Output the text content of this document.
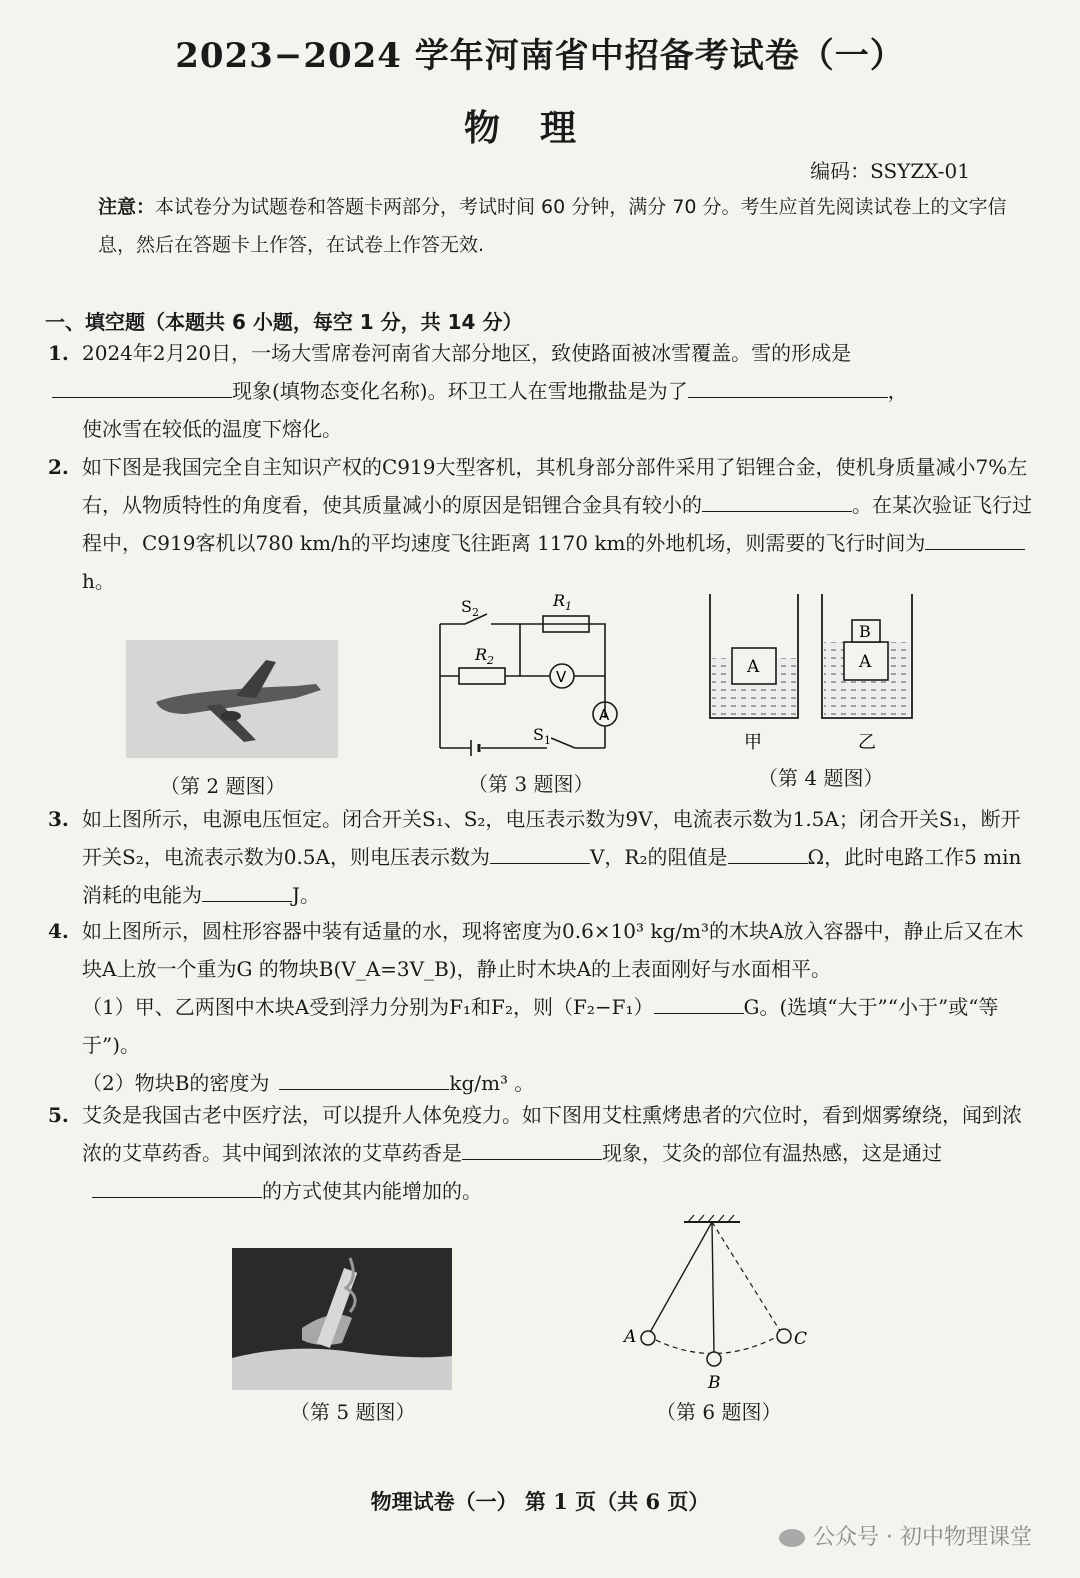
2023−2024 学年河南省中招备考试卷（一）
物理
编码：SSYZX-01
注意：本试卷分为试题卷和答题卡两部分，考试时间 60 分钟，满分 70 分。考生应首先阅读试卷上的文字信息，然后在答题卡上作答，在试卷上作答无效.
一、填空题（本题共 6 小题，每空 1 分，共 14 分）
1. 2024年2月20日，一场大雪席卷河南省大部分地区，致使路面被冰雪覆盖。雪的形成是
现象(填物态变化名称)。环卫工人在雪地撒盐是为了	，
使冰雪在较低的温度下熔化。
2. 如下图是我国完全自主知识产权的C919大型客机，其机身部分部件采用了铝锂合金，使机身质量减小7%左右，从物质特性的角度看，使其质量减小的原因是铝锂合金具有较小的	。在某次验证飞行过程中，C919客机以780 km/h的平均速度飞往距离 1170 km的外地机场，则需要的飞行时间为h。
（第 2 题图）
$S_2$
$R_1$
$R_2$
V
A
$S_1$
（第 3 题图）
A	A
B
甲	乙
（第 4 题图）
3. 如上图所示，电源电压恒定。闭合开关S₁、S₂，电压表示数为9V，电流表示数为1.5A；闭合开关S₁，断开开关S₂，电流表示数为0.5A，则电压表示数为	V，R₂的阻值是	Ω，此时电路工作5 min消耗的电能为	J。
4. 如上图所示，圆柱形容器中装有适量的水，现将密度为0.6×10³ kg/m³的木块A放入容器中，静止后又在木块A上放一个重为G 的物块B(V_A=3V_B)，静止时木块A的上表面刚好与水面相平。
（1）甲、乙两图中木块A受到浮力分别为F₁和F₂，则（F₂−F₁）	G。(选填“大于”“小于”或“等于”)。
（2）物块B的密度为	kg/m³ 。
5. 艾灸是我国古老中医疗法，可以提升人体免疫力。如下图用艾柱熏烤患者的穴位时，看到烟雾缭绕，闻到浓浓的艾草药香。其中闻到浓浓的艾草药香是	现象，艾灸的部位有温热感，这是通过的方式使其内能增加的。
（第 5 题图）
A
B
C
（第 6 题图）
物理试卷（一） 第 1 页（共 6 页）
公众号 · 初中物理课堂
